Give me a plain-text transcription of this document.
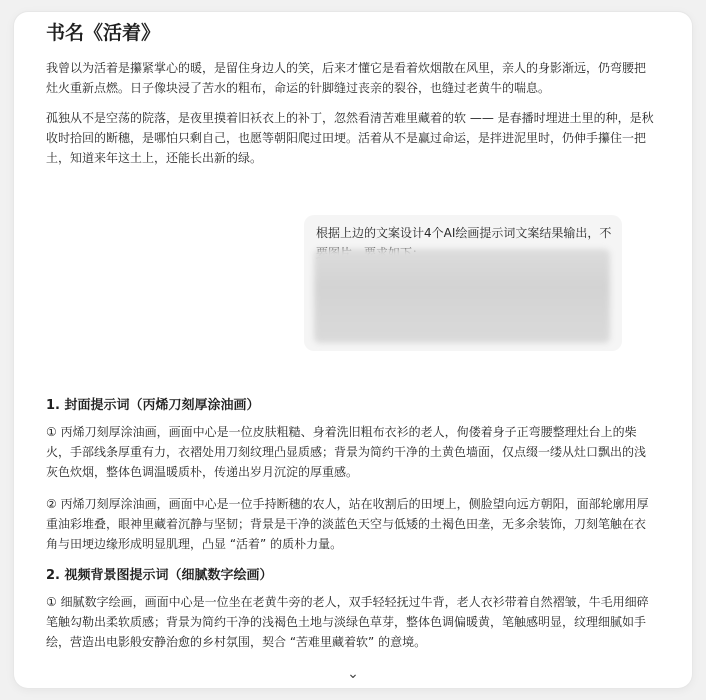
书名《活着》

我曾以为活着是攥紧掌心的暖，是留住身边人的笑，后来才懂它是看着炊烟散在风里，亲人的身影渐远，仍弯腰把灶火重新点燃。日子像块浸了苦水的粗布，命运的针脚缝过丧亲的裂谷，也缝过老黄牛的喘息。

孤独从不是空荡的院落，是夜里摸着旧袄衣上的补丁，忽然看清苦难里藏着的软 —— 是春播时埋进土里的种，是秋收时拾回的断穗，是哪怕只剩自己，也愿等朝阳爬过田埂。活着从不是赢过命运，是拌进泥里时，仍伸手攥住一把土，知道来年这土上，还能长出新的绿。

根据上边的文案设计4个AI绘画提示词文案结果输出，不
1. 封面提示词（丙烯刀刻厚涂油画）

① 丙烯刀刻厚涂油画，画面中心是一位皮肤粗糙、身着洗旧粗布衣衫的老人，佝偻着身子正弯腰整理灶台上的柴火，手部线条厚重有力，衣褶处用刀刻纹理凸显质感；背景为简约干净的土黄色墙面，仅点缀一缕从灶口飘出的浅灰色炊烟，整体色调温暖质朴，传递出岁月沉淀的厚重感。

② 丙烯刀刻厚涂油画，画面中心是一位手持断穗的农人，站在收割后的田埂上，侧脸望向远方朝阳，面部轮廓用厚重油彩堆叠，眼神里藏着沉静与坚韧；背景是干净的淡蓝色天空与低矮的土褐色田垄，无多余装饰，刀刻笔触在衣角与田埂边缘形成明显肌理，凸显 “活着” 的质朴力量。

2. 视频背景图提示词（细腻数字绘画）

① 细腻数字绘画，画面中心是一位坐在老黄牛旁的老人，双手轻轻抚过牛背，老人衣衫带着自然褶皱，牛毛用细碎笔触勾勒出柔软质感；背景为简约干净的浅褐色土地与淡绿色草芽，整体色调偏暖黄，笔触感明显，纹理细腻如手绘，营造出电影般安静治愈的乡村氛围，契合 “苦难里藏着软” 的意境。

⌄
